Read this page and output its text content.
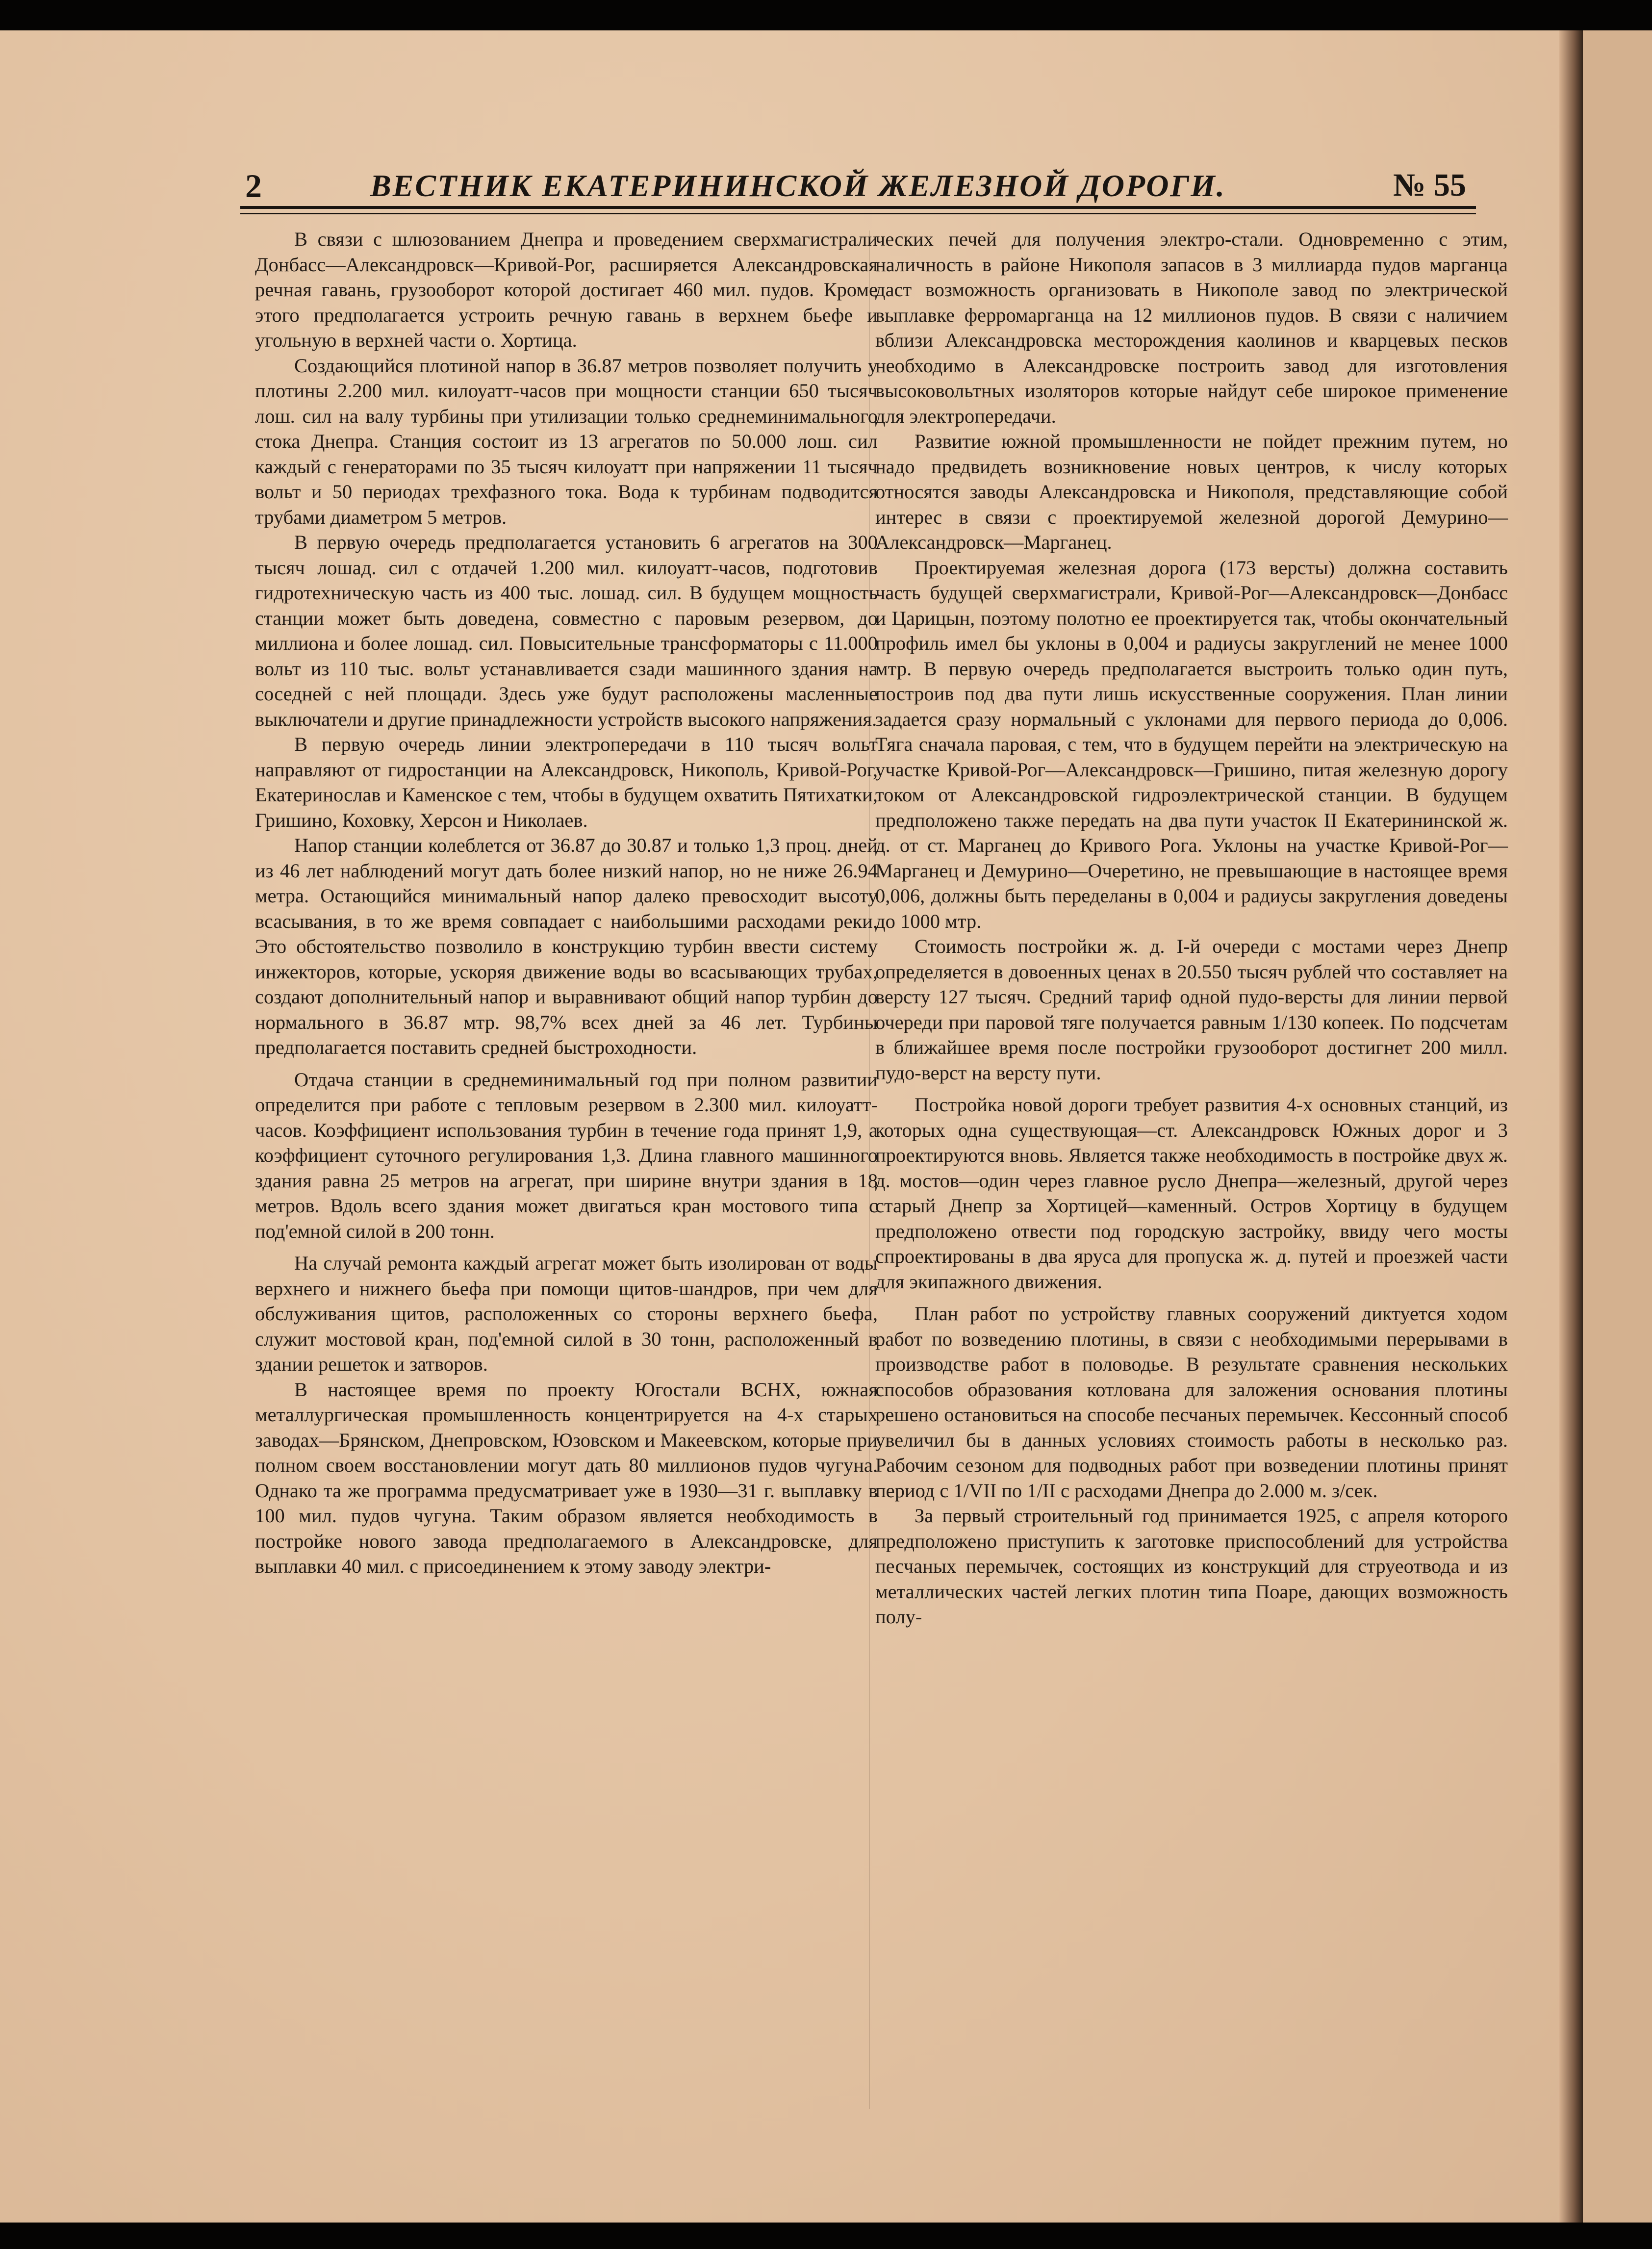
2	ВЕСТНИК ЕКАТЕРИНИНСКОЙ ЖЕЛЕЗНОЙ ДОРОГИ.	№ 55

В связи с шлюзованием Днепра и проведением сверхмагистрали Донбасс—Александровск—Кривой-Рог, расширяется Александровская речная гавань, грузооборот которой достигает 460 мил. пудов. Кроме этого предполагается устроить речную гавань в верхнем бьефе и угольную в верхней части о. Хортица.

Создающийся плотиной напор в 36.87 метров позволяет получить у плотины 2.200 мил. килоуатт-часов при мощности станции 650 тысяч лош. сил на валу турбины при утилизации только среднеминимального стока Днепра. Станция состоит из 13 агрегатов по 50.000 лош. сил каждый с генераторами по 35 тысяч килоуатт при напряжении 11 тысяч вольт и 50 периодах трехфазного тока. Вода к турбинам подводится трубами диаметром 5 метров.

В первую очередь предполагается установить 6 агрегатов на 300 тысяч лошад. сил с отдачей 1.200 мил. килоуатт-часов, подготовив гидротехническую часть из 400 тыс. лошад. сил. В будущем мощность станции может быть доведена, совместно с паровым резервом, до миллиона и более лошад. сил. Повысительные трансформаторы с 11.000 вольт из 110 тыс. вольт устанавливается сзади машинного здания на соседней с ней площади. Здесь уже будут расположены масленные выключатели и другие принадлежности устройств высокого напряжения.

В первую очередь линии электропередачи в 110 тысяч вольт направляют от гидростанции на Александровск, Никополь, Кривой-Рог, Екатеринослав и Каменское с тем, чтобы в будущем охватить Пятихатки, Гришино, Коховку, Херсон и Николаев.

Напор станции колеблется от 36.87 до 30.87 и только 1,3 проц. дней из 46 лет наблюдений могут дать более низкий напор, но не ниже 26.94 метра. Остающийся минимальный напор далеко превосходит высоту всасывания, в то же время совпадает с наибольшими расходами реки. Это обстоятельство позволило в конструкцию турбин ввести систему инжекторов, которые, ускоряя движение воды во всасывающих трубах, создают дополнительный напор и выравнивают общий напор турбин до нормального в 36.87 мтр. 98,7% всех дней за 46 лет. Турбины предполагается поставить средней быстроходности.

Отдача станции в среднеминимальный год при полном развитии определится при работе с тепловым резервом в 2.300 мил. килоуатт-часов. Коэффициент использования турбин в течение года принят 1,9, а коэффициент суточного регулирования 1,3. Длина главного машинного здания равна 25 метров на агрегат, при ширине внутри здания в 18 метров. Вдоль всего здания может двигаться кран мостового типа с под'емной силой в 200 тонн.

На случай ремонта каждый агрегат может быть изолирован от воды верхнего и нижнего бьефа при помощи щитов-шандров, при чем для обслуживания щитов, расположенных со стороны верхнего бьефа, служит мостовой кран, под'емной силой в 30 тонн, расположенный в здании решеток и затворов.

В настоящее время по проекту Югостали ВСНХ, южная металлургическая промышленность концентрируется на 4-х старых заводах—Брянском, Днепровском, Юзовском и Макеевском, которые при полном своем восстановлении могут дать 80 миллионов пудов чугуна. Однако та же программа предусматривает уже в 1930—31 г. выплавку в 100 мил. пудов чугуна. Таким образом является необходимость в постройке нового завода предполагаемого в Александровске, для выплавки 40 мил. с присоединением к этому заводу электри-

ческих печей для получения электро-стали. Одновременно с этим, наличность в районе Никополя запасов в 3 миллиарда пудов марганца даст возможность организовать в Никополе завод по электрической выплавке ферромарганца на 12 миллионов пудов. В связи с наличием вблизи Александровска месторождения каолинов и кварцевых песков необходимо в Александровске построить завод для изготовления высоковольтных изоляторов которые найдут себе широкое применение для электропередачи.

Развитие южной промышленности не пойдет прежним путем, но надо предвидеть возникновение новых центров, к числу которых относятся заводы Александровска и Никополя, представляющие собой интерес в связи с проектируемой железной дорогой Демурино—Александровск—Марганец.

Проектируемая железная дорога (173 версты) должна составить часть будущей сверхмагистрали, Кривой-Рог—Александровск—Донбасс и Царицын, поэтому полотно ее проектируется так, чтобы окончательный профиль имел бы уклоны в 0,004 и радиусы закруглений не менее 1000 мтр. В первую очередь предполагается выстроить только один путь, построив под два пути лишь искусственные сооружения. План линии задается сразу нормальный с уклонами для первого периода до 0,006. Тяга сначала паровая, с тем, что в будущем перейти на электрическую на участке Кривой-Рог—Александровск—Гришино, питая железную дорогу током от Александровской гидроэлектрической станции. В будущем предположено также передать на два пути участок II Екатерининской ж. д. от ст. Марганец до Кривого Рога. Уклоны на участке Кривой-Рог—Марганец и Демурино—Очеретино, не превышающие в настоящее время 0,006, должны быть переделаны в 0,004 и радиусы закругления доведены до 1000 мтр.

Стоимость постройки ж. д. I-й очереди с мостами через Днепр определяется в довоенных ценах в 20.550 тысяч рублей что составляет на версту 127 тысяч. Средний тариф одной пудо-версты для линии первой очереди при паровой тяге получается равным 1/130 копеек. По подсчетам в ближайшее время после постройки грузооборот достигнет 200 милл. пудо-верст на версту пути.

Постройка новой дороги требует развития 4-х основных станций, из которых одна существующая—ст. Александровск Южных дорог и 3 проектируются вновь. Является также необходимость в постройке двух ж. д. мостов—один через главное русло Днепра—железный, другой через старый Днепр за Хортицей—каменный. Остров Хортицу в будущем предположено отвести под городскую застройку, ввиду чего мосты спроектированы в два яруса для пропуска ж. д. путей и проезжей части для экипажного движения.

План работ по устройству главных сооружений диктуется ходом работ по возведению плотины, в связи с необходимыми перерывами в производстве работ в половодье. В результате сравнения нескольких способов образования котлована для заложения основания плотины решено остановиться на способе песчаных перемычек. Кессонный способ увеличил бы в данных условиях стоимость работы в несколько раз. Рабочим сезоном для подводных работ при возведении плотины принят период с 1/VII по 1/II с расходами Днепра до 2.000 м. з/сек.

За первый строительный год принимается 1925, с апреля которого предположено приступить к заготовке приспособлений для устройства песчаных перемычек, состоящих из конструкций для струеотвода и из металлических частей легких плотин типа Поаре, дающих возможность полу-
